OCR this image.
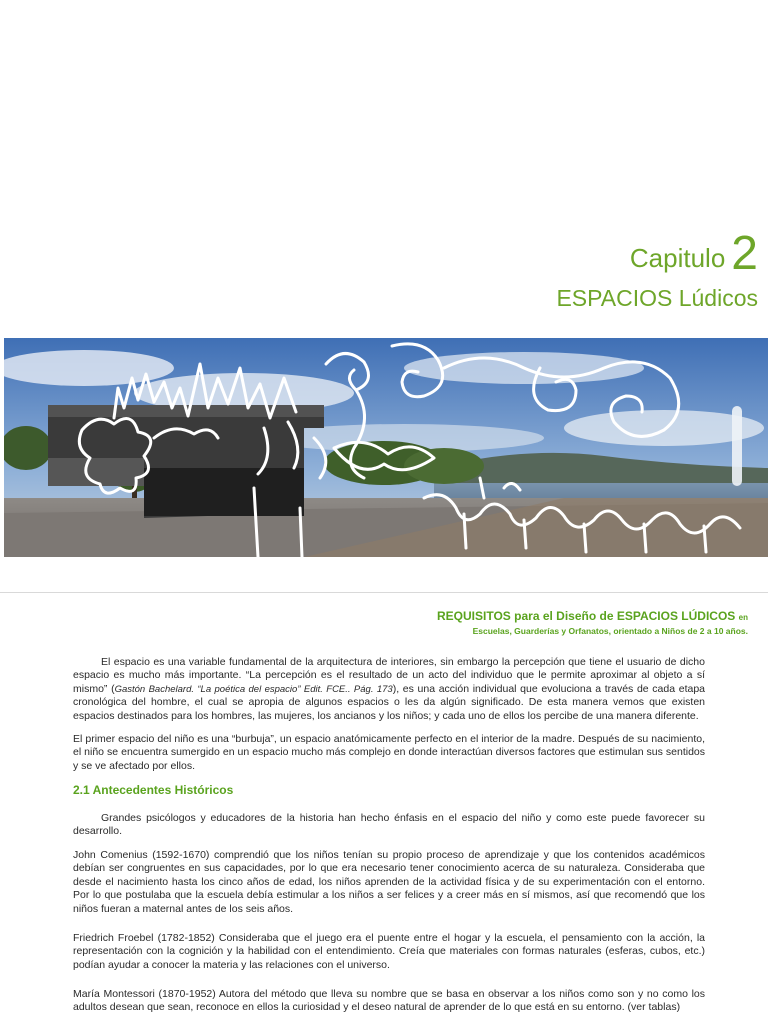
Capitulo 2
ESPACIOS Lúdicos
REQUISITOS para el Diseño de ESPACIOS LÚDICOS en
Escuelas, Guarderías y Orfanatos, orientado a Niños de 2 a 10 años.
El espacio es una variable fundamental de la arquitectura de interiores, sin embargo la percepción que tiene el usuario de dicho espacio es mucho más importante. “La percepción es el resultado de un acto del individuo que le permite aproximar al objeto a sí mismo” (Gastón Bachelard. “La poética del espacio” Edit. FCE.. Pág. 173), es una acción individual que evoluciona a través de cada etapa cronológica del hombre, el cual se apropia de algunos espacios o les da algún significado. De esta manera vemos que existen espacios destinados para los hombres, las mujeres, los ancianos y los niños; y cada uno de ellos los percibe de una manera diferente.
El primer espacio del niño es una “burbuja”, un espacio anatómicamente perfecto en el interior de la madre. Después de su nacimiento, el niño se encuentra sumergido en un espacio mucho más complejo en donde interactúan diversos factores que estimulan sus sentidos y se ve afectado por ellos.
2.1 Antecedentes Históricos
Grandes psicólogos y educadores de la historia han hecho énfasis en el espacio del niño y como este puede favorecer su desarrollo.
John Comenius (1592-1670) comprendió que los niños tenían su propio proceso de aprendizaje y que los contenidos académicos debían ser congruentes en sus capacidades, por lo que era necesario tener conocimiento acerca de su naturaleza. Consideraba que desde el nacimiento hasta los cinco años de edad, los niños aprenden de la actividad física y de su experimentación con el entorno. Por lo que postulaba que la escuela debía estimular a los niños a ser felices y a creer más en sí mismos, así que recomendó que los niños fueran a maternal antes de los seis años.
Friedrich Froebel (1782-1852) Consideraba que el juego era el puente entre el hogar y la escuela, el pensamiento con la acción, la representación con la cognición y la habilidad con el entendimiento. Creía que materiales con formas naturales (esferas, cubos, etc.) podían ayudar a conocer la materia y las relaciones con el universo.
María Montessori (1870-1952) Autora del método que lleva su nombre que se basa en observar a los niños como son y no como los adultos desean que sean, reconoce en ellos la curiosidad y el deseo natural de aprender de lo que está en su entorno. (ver tablas)
